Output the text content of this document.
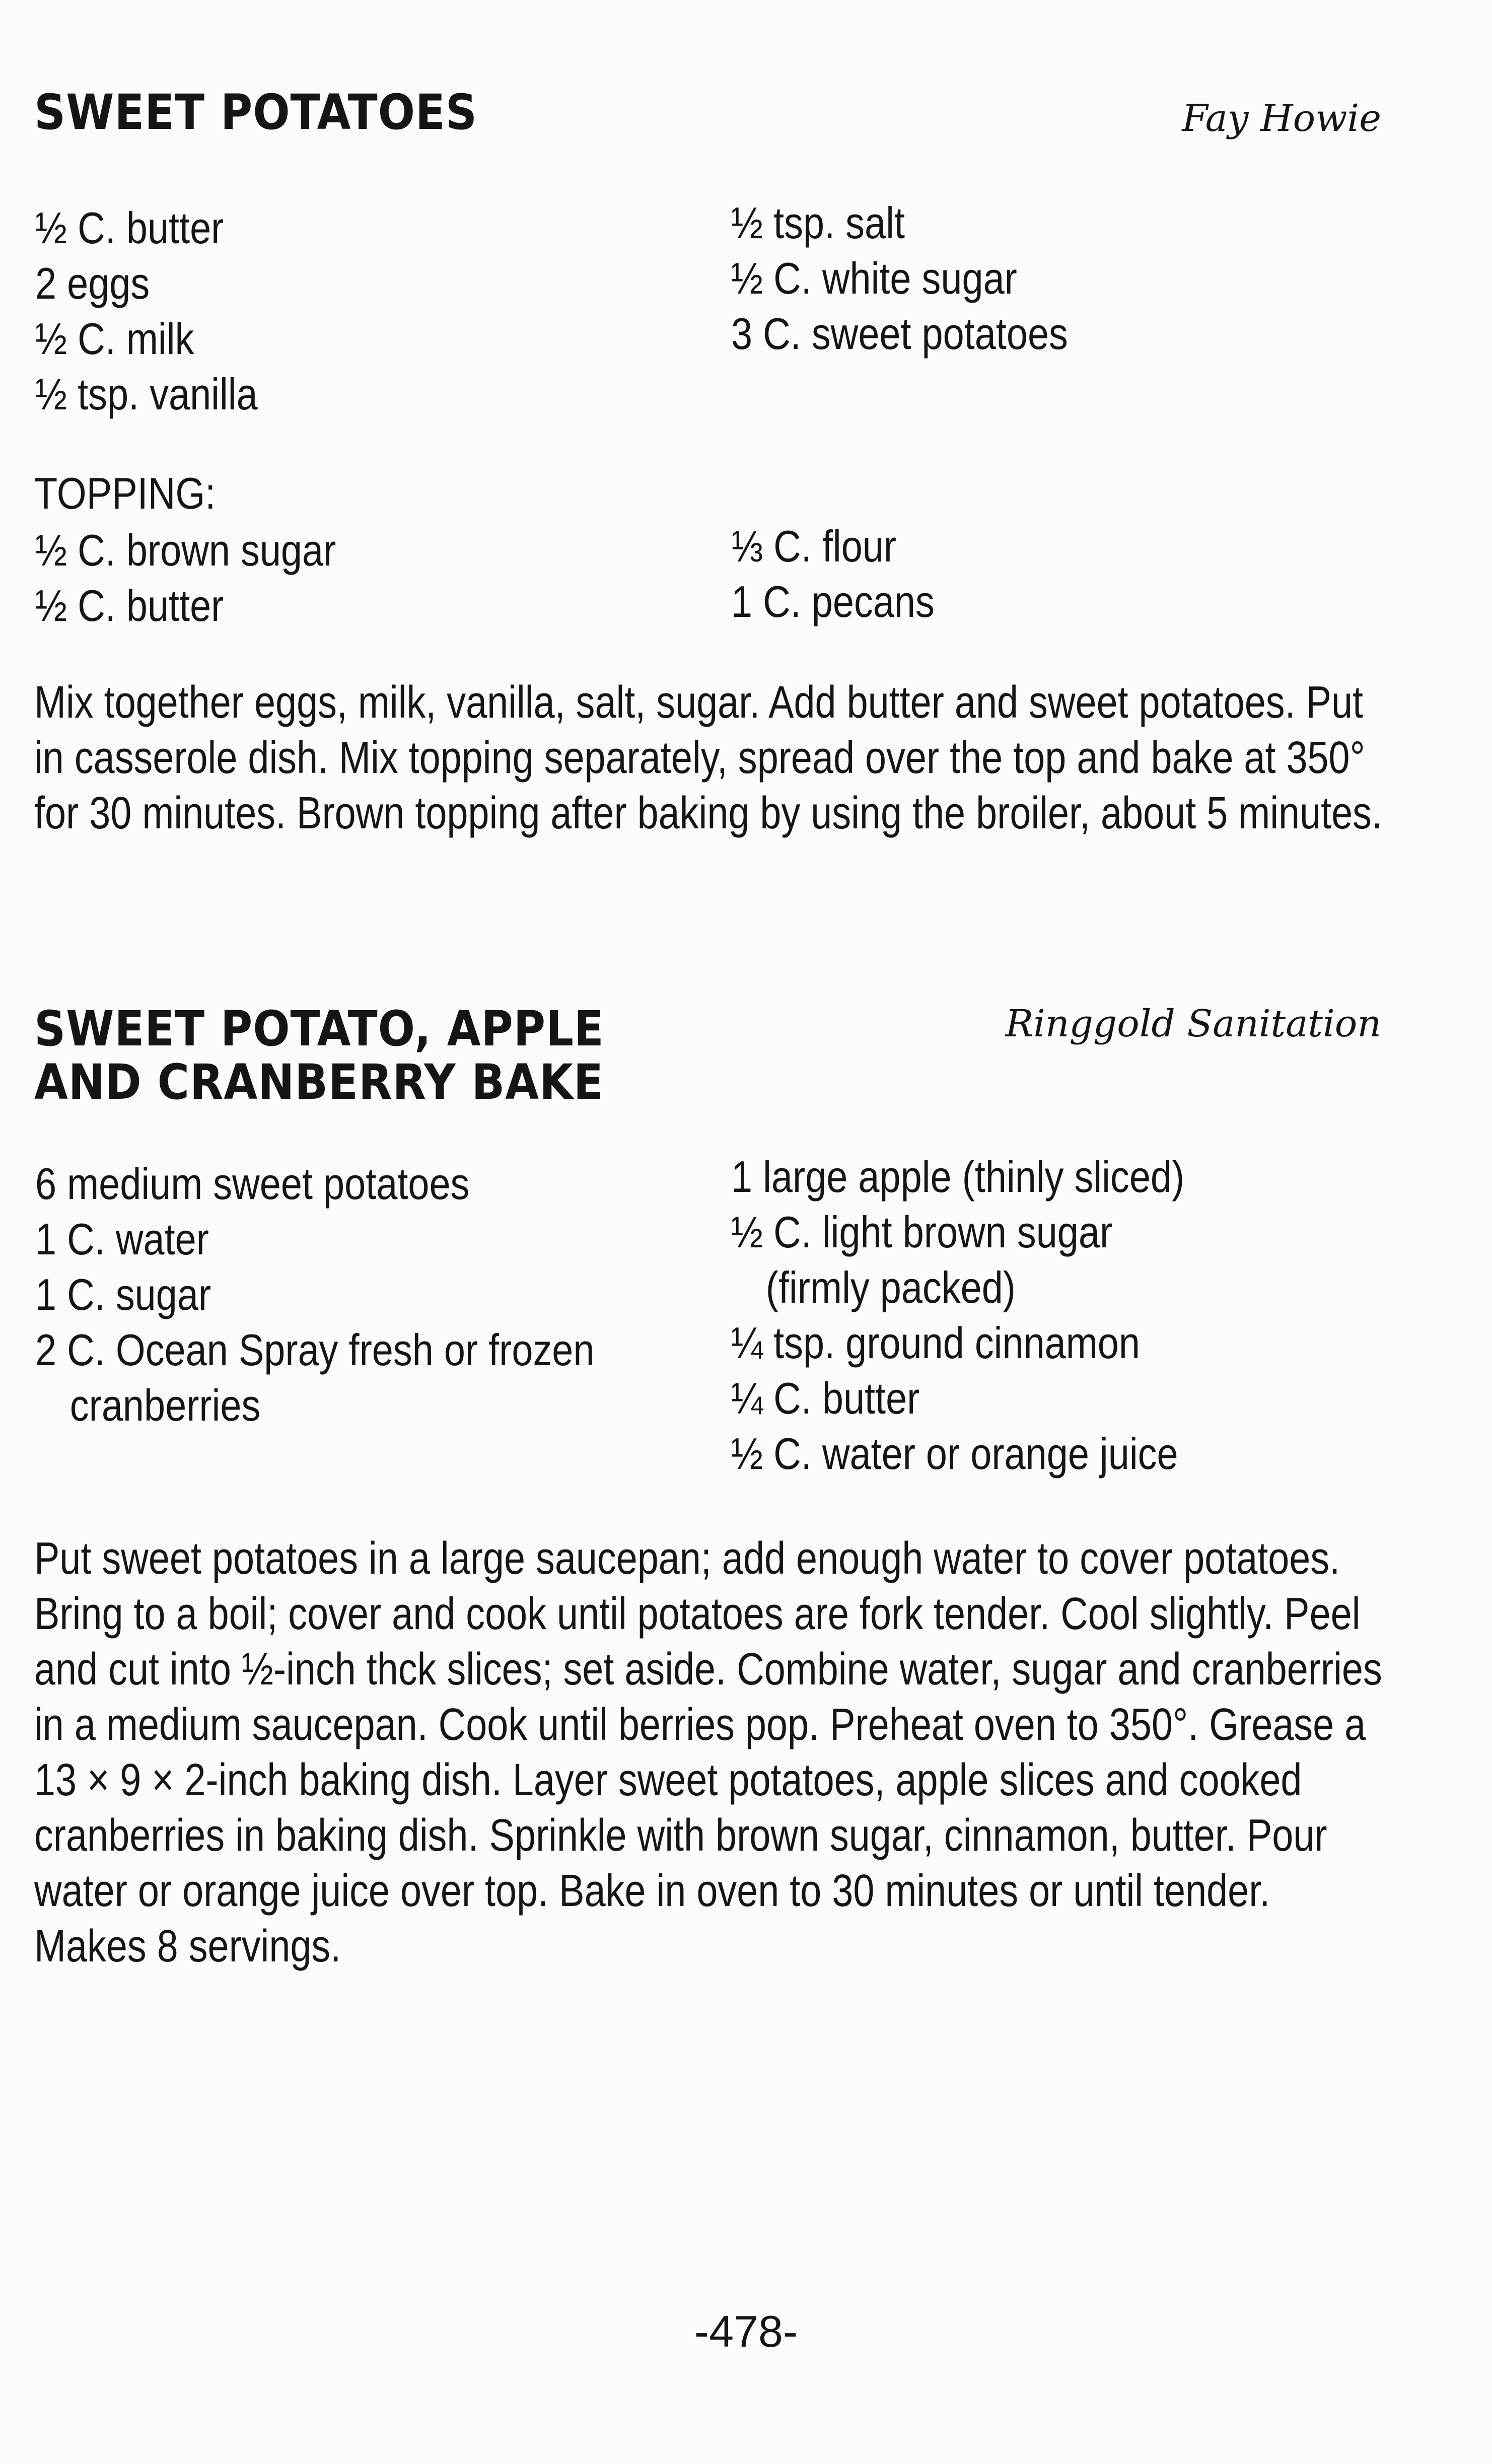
SWEET POTATOES	Fay Howie

½ C. butter
2 eggs
½ C. milk
½ tsp. vanilla
½ tsp. salt
½ C. white sugar
3 C. sweet potatoes

TOPPING:

½ C. brown sugar
½ C. butter
⅓ C. flour
1 C. pecans

Mix together eggs, milk, vanilla, salt, sugar. Add butter and sweet potatoes. Put in casserole dish. Mix topping separately, spread over the top and bake at 350° for 30 minutes. Brown topping after baking by using the broiler, about 5 minutes.

SWEET POTATO, APPLE
AND CRANBERRY BAKE

Ringgold Sanitation

6 medium sweet potatoes
1 C. water
1 C. sugar
2 C. Ocean Spray fresh or frozen
cranberries
1 large apple (thinly sliced)
½ C. light brown sugar
(firmly packed)
¼ tsp. ground cinnamon
¼ C. butter
½ C. water or orange juice

Put sweet potatoes in a large saucepan; add enough water to cover potatoes. Bring to a boil; cover and cook until potatoes are fork tender. Cool slightly. Peel and cut into ½-inch thck slices; set aside. Combine water, sugar and cranberries in a medium saucepan. Cook until berries pop. Preheat oven to 350°. Grease a 13 × 9 × 2-inch baking dish. Layer sweet potatoes, apple slices and cooked cranberries in baking dish. Sprinkle with brown sugar, cinnamon, butter. Pour water or orange juice over top. Bake in oven to 30 minutes or until tender. Makes 8 servings.

-478-
